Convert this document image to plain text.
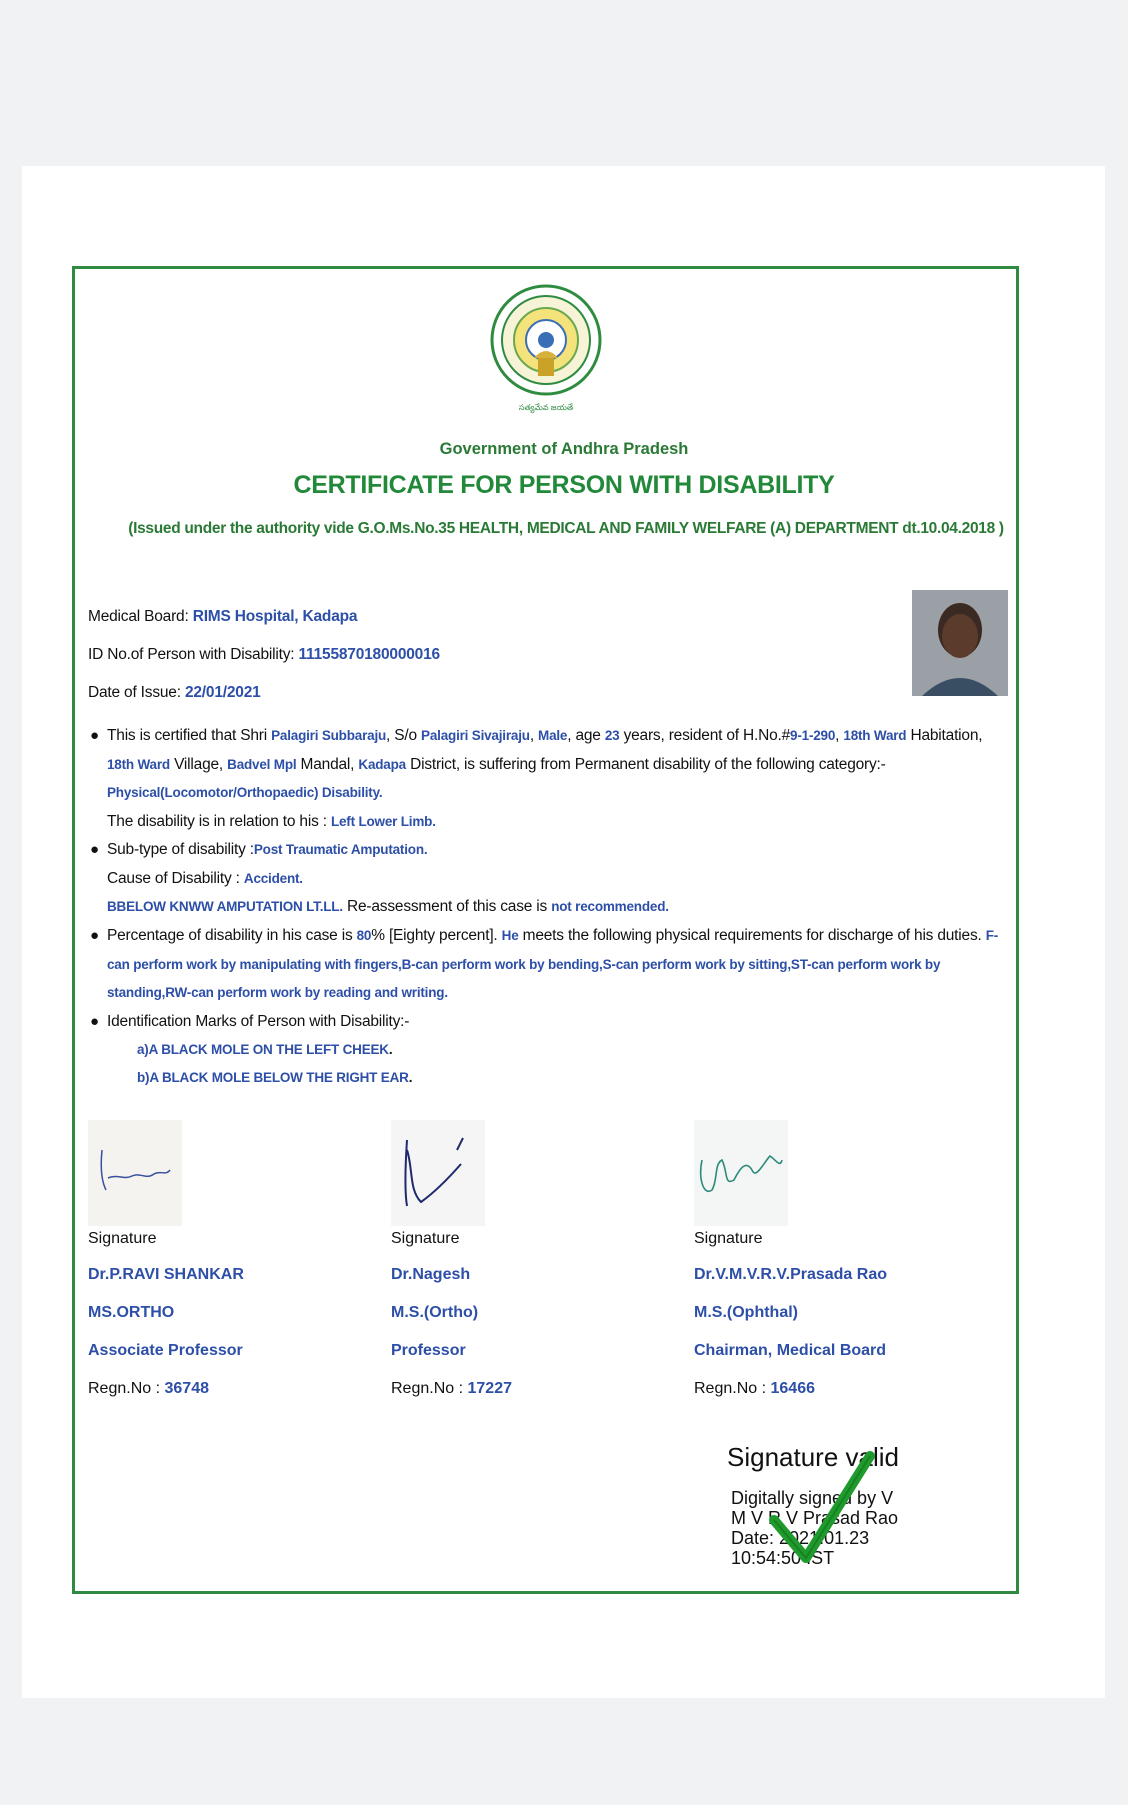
సత్యమేవ జయతే
Government of Andhra Pradesh
CERTIFICATE FOR PERSON WITH DISABILITY
(Issued under the authority vide G.O.Ms.No.35 HEALTH, MEDICAL AND FAMILY WELFARE (A) DEPARTMENT dt.10.04.2018 )
Medical Board: RIMS Hospital, Kadapa
ID No.of Person with Disability: 11155870180000016
Date of Issue: 22/01/2021
● This is certified that Shri Palagiri Subbaraju, S/o Palagiri Sivajiraju, Male, age 23 years, resident of H.No.#9-1-290, 18th Ward Habitation, 18th Ward Village, Badvel Mpl Mandal, Kadapa District, is suffering from Permanent disability of the following category:-
Physical(Locomotor/Orthopaedic) Disability.
The disability is in relation to his : Left Lower Limb.
● Sub-type of disability :Post Traumatic Amputation.
Cause of Disability : Accident.
BBELOW KNWW AMPUTATION LT.LL. Re-assessment of this case is not recommended.
● Percentage of disability in his case is 80% [Eighty percent]. He meets the following physical requirements for discharge of his duties. F-can perform work by manipulating with fingers,B-can perform work by bending,S-can perform work by sitting,ST-can perform work by standing,RW-can perform work by reading and writing.
● Identification Marks of Person with Disability:-
a)A BLACK MOLE ON THE LEFT CHEEK.
b)A BLACK MOLE BELOW THE RIGHT EAR.
Signature
Dr.P.RAVI SHANKAR
MS.ORTHO
Associate Professor
Regn.No : 36748
Signature
Dr.Nagesh
M.S.(Ortho)
Professor
Regn.No : 17227
Signature
Dr.V.M.V.R.V.Prasada Rao
M.S.(Ophthal)
Chairman, Medical Board
Regn.No : 16466
Signature valid
Digitally signed by V
M V R V Prasad Rao
Date: 2021.01.23
10:54:50 IST
